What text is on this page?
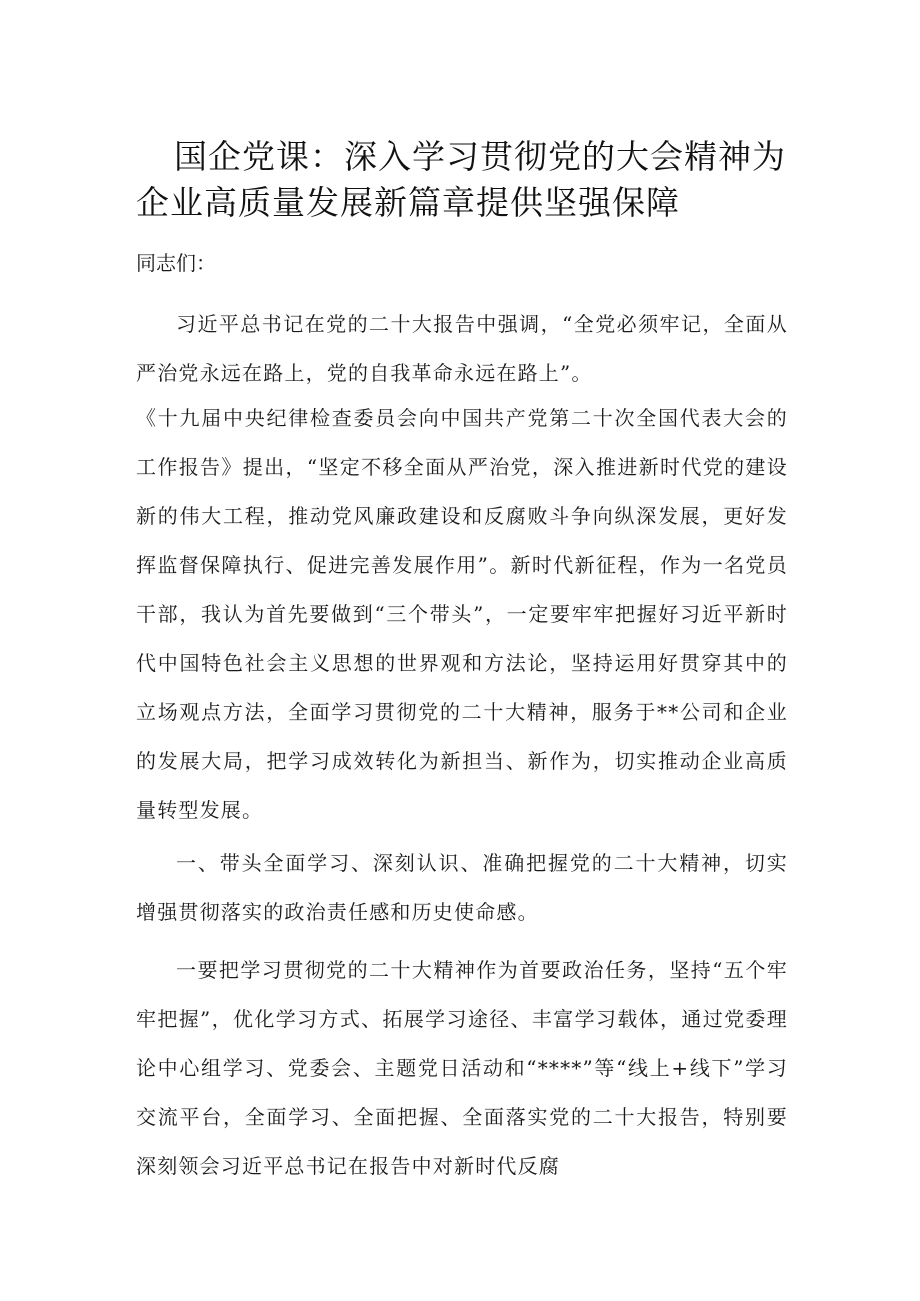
国企党课：深入学习贯彻党的大会精神为企业高质量发展新篇章提供坚强保障

同志们：

习近平总书记在党的二十大报告中强调，“全党必须牢记，全面从严治党永远在路上，党的自我革命永远在路上”。

《十九届中央纪律检查委员会向中国共产党第二十次全国代表大会的工作报告》提出，“坚定不移全面从严治党，深入推进新时代党的建设新的伟大工程，推动党风廉政建设和反腐败斗争向纵深发展，更好发挥监督保障执行、促进完善发展作用”。新时代新征程，作为一名党员干部，我认为首先要做到“三个带头”，一定要牢牢把握好习近平新时代中国特色社会主义思想的世界观和方法论，坚持运用好贯穿其中的立场观点方法，全面学习贯彻党的二十大精神，服务于**公司和企业的发展大局，把学习成效转化为新担当、新作为，切实推动企业高质量转型发展。

一、带头全面学习、深刻认识、准确把握党的二十大精神，切实增强贯彻落实的政治责任感和历史使命感。

一要把学习贯彻党的二十大精神作为首要政治任务，坚持“五个牢牢把握”，优化学习方式、拓展学习途径、丰富学习载体，通过党委理论中心组学习、党委会、主题党日活动和“****”等“线上+线下”学习交流平台，全面学习、全面把握、全面落实党的二十大报告，特别要深刻领会习近平总书记在报告中对新时代反腐
